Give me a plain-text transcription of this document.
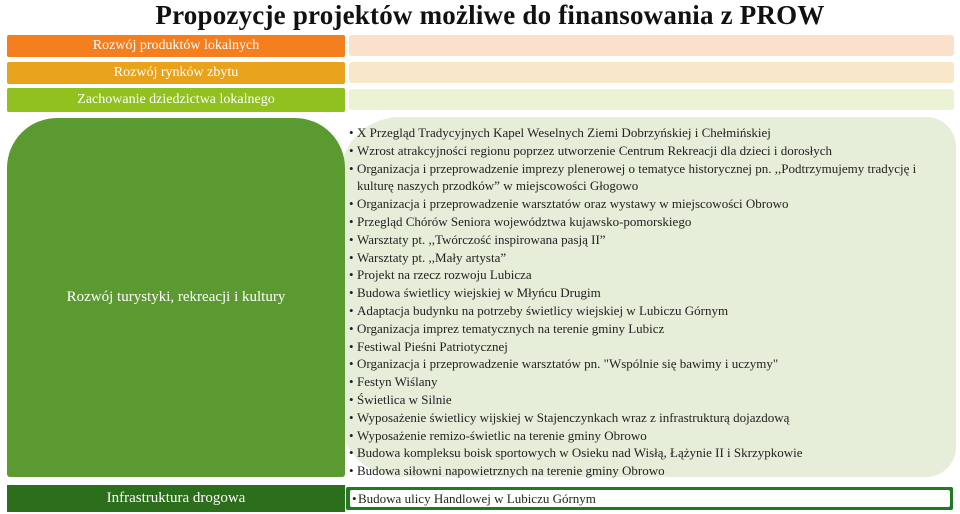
Propozycje projektów możliwe do finansowania z PROW
Rozwój produktów lokalnych
Rozwój rynków zbytu
Zachowanie dziedzictwa lokalnego
Rozwój turystyki, rekreacji i kultury
• X Przegląd Tradycyjnych Kapel Weselnych Ziemi Dobrzyńskiej i Chełmińskiej
• Wzrost atrakcyjności regionu poprzez utworzenie Centrum Rekreacji dla dzieci i dorosłych
• Organizacja i przeprowadzenie imprezy plenerowej o tematyce historycznej pn. ,,Podtrzymujemy tradycję i kulturę naszych przodków” w miejscowości Głogowo
• Organizacja i przeprowadzenie warsztatów oraz wystawy w miejscowości Obrowo
• Przegląd Chórów Seniora województwa kujawsko-pomorskiego
• Warsztaty pt. ,,Twórczość inspirowana pasją II”
• Warsztaty pt. ,,Mały artysta”
• Projekt na rzecz rozwoju Lubicza
• Budowa świetlicy wiejskiej w Młyńcu Drugim
• Adaptacja budynku na potrzeby świetlicy wiejskiej w Lubiczu Górnym
• Organizacja imprez tematycznych na terenie gminy Lubicz
• Festiwal Pieśni Patriotycznej
• Organizacja i przeprowadzenie warsztatów pn. "Wspólnie się bawimy i uczymy"
• Festyn Wiślany
• Świetlica w Silnie
• Wyposażenie świetlicy wijskiej w Stajenczynkach wraz z infrastrukturą dojazdową
• Wyposażenie remizo-świetlic na terenie gminy Obrowo
• Budowa kompleksu boisk sportowych w Osieku nad Wisłą, Łążynie II i Skrzypkowie
• Budowa siłowni napowietrznych na terenie gminy Obrowo
Infrastruktura drogowa
•	Budowa ulicy Handlowej w Lubiczu Górnym
